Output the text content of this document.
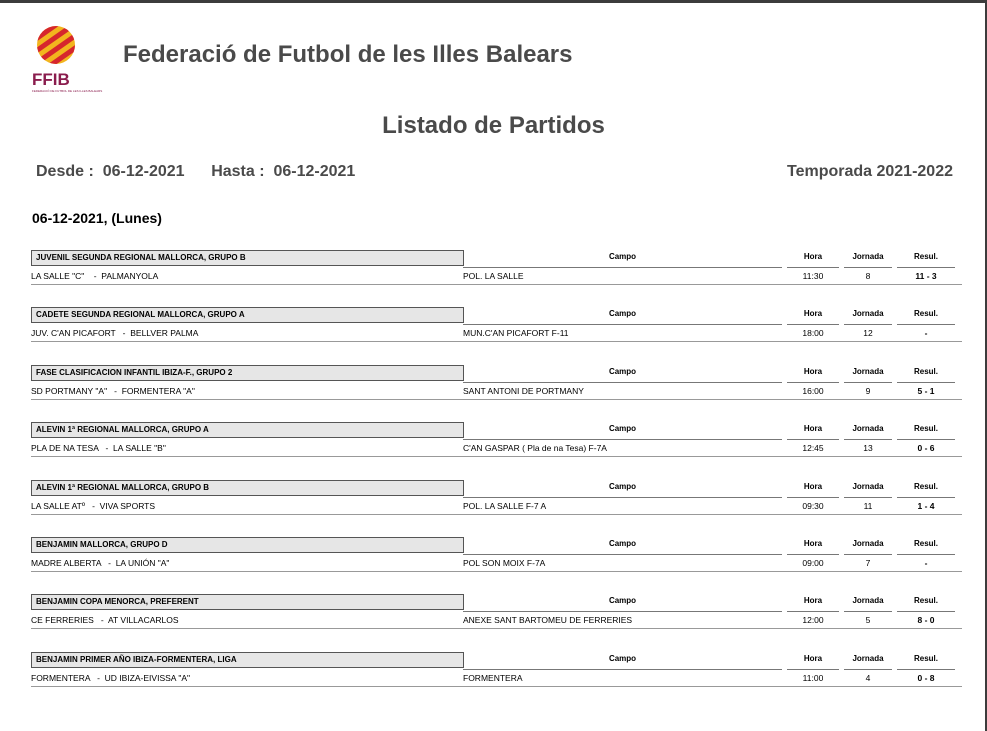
FFIB
FEDERACIÓ DE FUTBOL DE LES ILLES BALEARS
Federació de Futbol de les Illes Balears
Listado de Partidos
Desde : 06-12-2021 Hasta : 06-12-2021	Temporada 2021-2022
06-12-2021, (Lunes)
JUVENIL SEGUNDA REGIONAL MALLORCA, GRUPO B	Campo	Hora	Jornada	Resul.
LA SALLE "C"    -  PALMANYOLA	POL. LA SALLE	11:30	8	11 - 3
CADETE SEGUNDA REGIONAL MALLORCA, GRUPO A	Campo	Hora	Jornada	Resul.
JUV. C'AN PICAFORT   -  BELLVER PALMA	MUN.C'AN PICAFORT F-11	18:00	12	-
FASE CLASIFICACION INFANTIL IBIZA-F., GRUPO 2	Campo	Hora	Jornada	Resul.
SD PORTMANY "A"   -  FORMENTERA "A"	SANT ANTONI DE PORTMANY	16:00	9	5 - 1
ALEVIN 1ª REGIONAL MALLORCA, GRUPO A	Campo	Hora	Jornada	Resul.
PLA DE NA TESA   -  LA SALLE "B"	C'AN GASPAR ( Pla de na Tesa) F-7A	12:45	13	0 - 6
ALEVIN 1ª REGIONAL MALLORCA, GRUPO B	Campo	Hora	Jornada	Resul.
LA SALLE ATº   -  VIVA SPORTS	POL. LA SALLE F-7 A	09:30	11	1 - 4
BENJAMIN MALLORCA, GRUPO D	Campo	Hora	Jornada	Resul.
MADRE ALBERTA   -  LA UNIÓN "A"	POL SON MOIX F-7A	09:00	7	-
BENJAMIN COPA MENORCA, PREFERENT	Campo	Hora	Jornada	Resul.
CE FERRERIES   -  AT VILLACARLOS	ANEXE SANT BARTOMEU DE FERRERIES	12:00	5	8 - 0
BENJAMIN PRIMER AÑO IBIZA-FORMENTERA, LIGA	Campo	Hora	Jornada	Resul.
FORMENTERA   -  UD IBIZA-EIVISSA "A"	FORMENTERA	11:00	4	0 - 8
